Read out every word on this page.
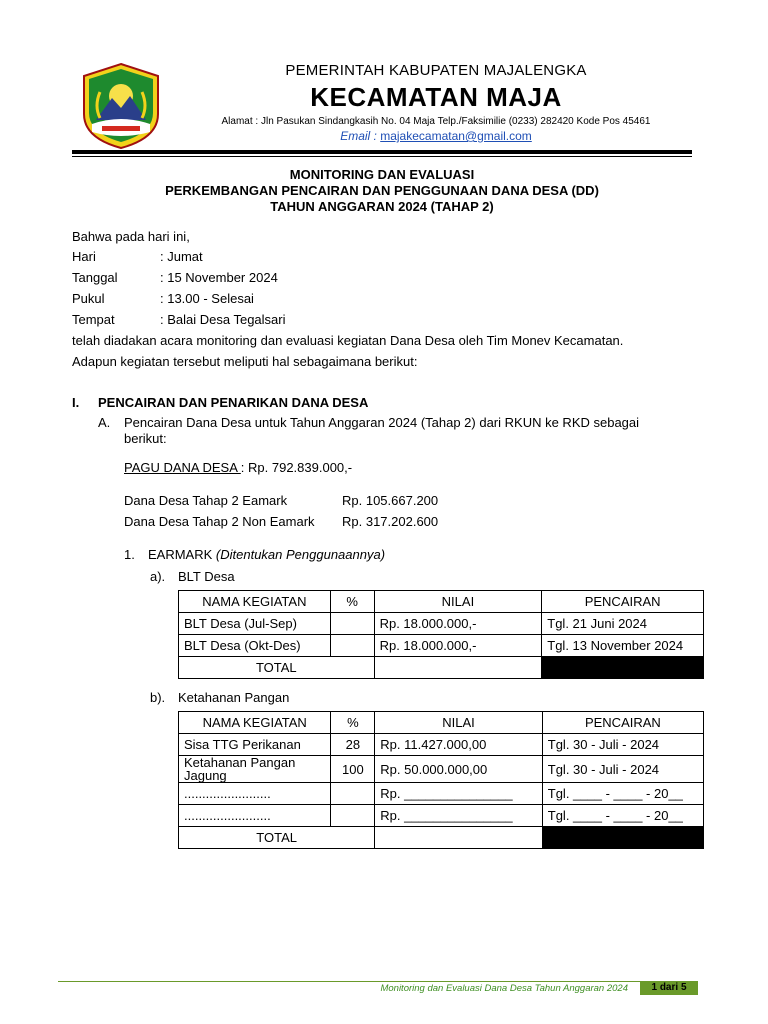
PEMERINTAH KABUPATEN MAJALENGKA
KECAMATAN MAJA
Alamat : Jln Pasukan Sindangkasih No. 04 Maja Telp./Faksimilie (0233) 282420 Kode Pos 45461
Email : majakecamatan@gmail.com
MONITORING DAN EVALUASI
PERKEMBANGAN PENCAIRAN DAN PENGGUNAAN DANA DESA (DD)
TAHUN ANGGARAN 2024 (TAHAP 2)
Bahwa pada hari ini,
Hari	: Jumat
Tanggal	: 15 November 2024
Pukul	: 13.00 - Selesai
Tempat	: Balai Desa Tegalsari
telah diadakan acara monitoring dan evaluasi kegiatan Dana Desa oleh Tim Monev Kecamatan.
Adapun kegiatan tersebut meliputi hal sebagaimana berikut:
I. PENCAIRAN DAN PENARIKAN DANA DESA
A. Pencairan Dana Desa untuk Tahun Anggaran 2024 (Tahap 2) dari RKUN ke RKD sebagai
berikut:
PAGU DANA DESA : Rp. 792.839.000,-
Dana Desa Tahap 2 Eamark	Rp. 105.667.200
Dana Desa Tahap 2 Non Eamark Rp. 317.202.600
1. EARMARK (Ditentukan Penggunaannya)
a). BLT Desa
NAMA KEGIATAN	%	NILAI	PENCAIRAN
BLT Desa (Jul-Sep)		Rp. 18.000.000,-	Tgl. 21 Juni 2024
BLT Desa (Okt-Des)		Rp. 18.000.000,-	Tgl. 13 November 2024
TOTAL			
b). Ketahanan Pangan
NAMA KEGIATAN	%	NILAI	PENCAIRAN
Sisa TTG Perikanan	28	Rp. 11.427.000,00	Tgl. 30 - Juli - 2024
Ketahanan Pangan Jagung	100	Rp. 50.000.000,00	Tgl. 30 - Juli - 2024
........................		Rp. _______________	Tgl. ____ - ____ - 20__
........................		Rp. _______________	Tgl. ____ - ____ - 20__
TOTAL			
Monitoring dan Evaluasi Dana Desa Tahun Anggaran 2024	1 dari 5
